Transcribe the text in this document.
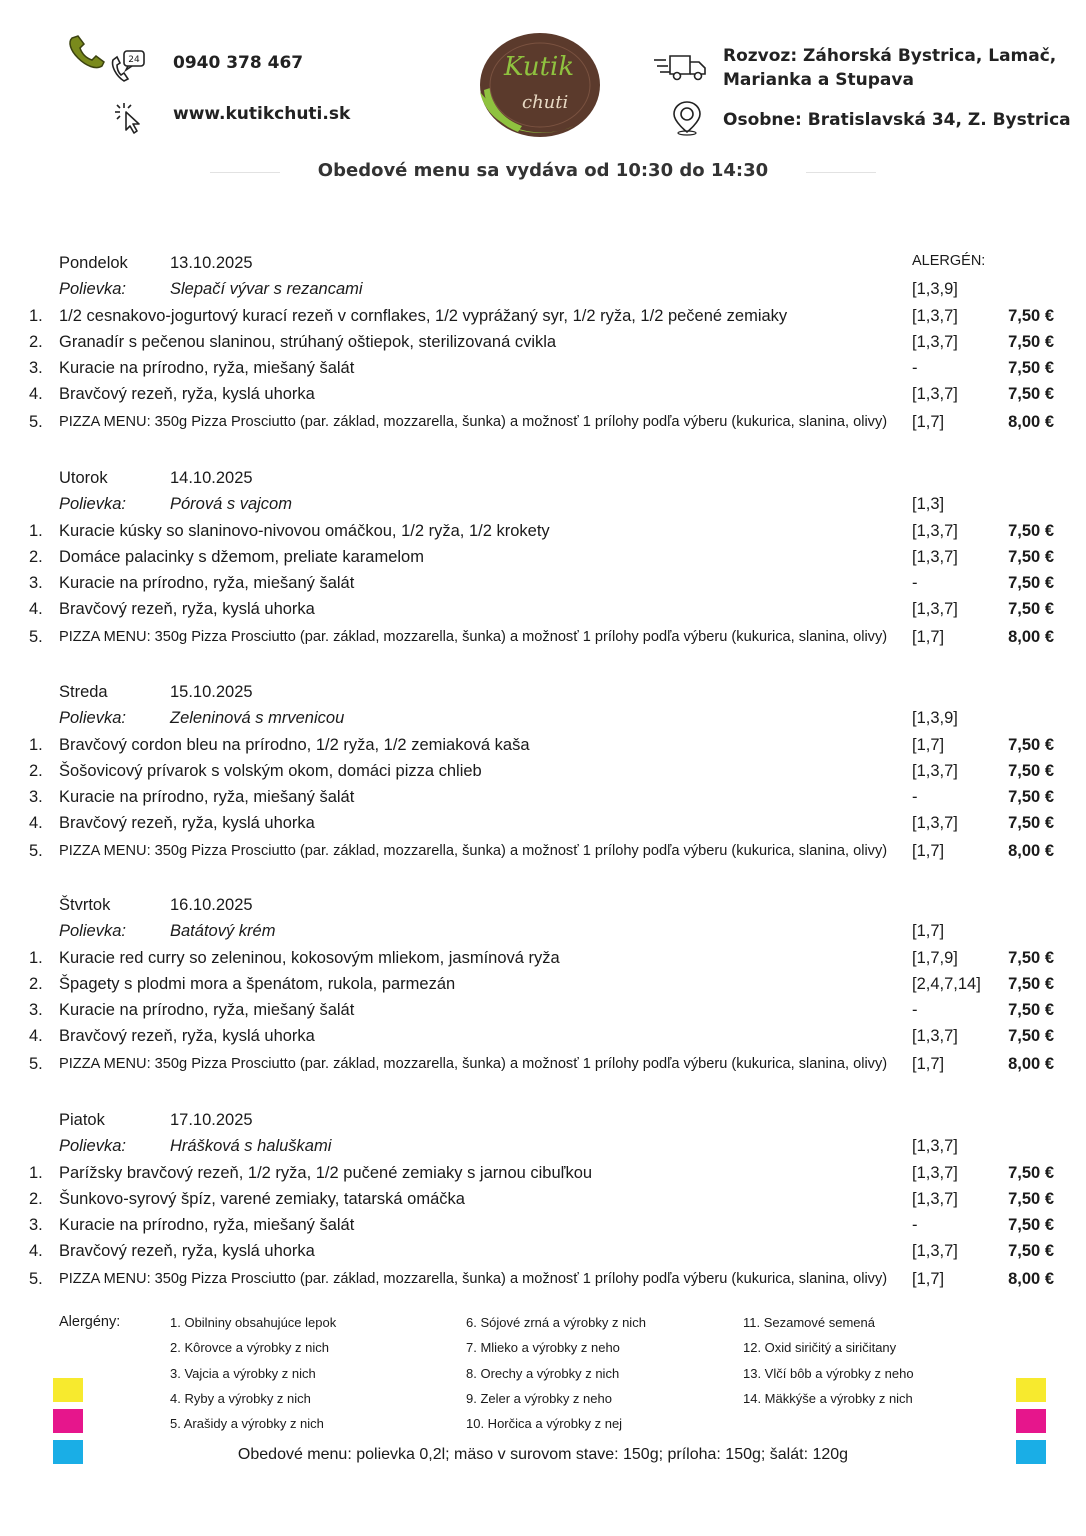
24 0940 378 467
www.kutikchuti.sk
Kutik
chuti
Rozvoz: Záhorská Bystrica, Lamač,
Marianka a Stupava
Osobne: Bratislavská 34, Z. Bystrica
Obedové menu sa vydáva od 10:30 do 14:30
ALERGÉN:
Pondelok	13.10.2025
Polievka:	Slepačí vývar s rezancami	[1,3,9]
1. 1/2 cesnakovo-jogurtový kurací rezeň v cornflakes, 1/2 vyprážaný syr, 1/2 ryža, 1/2 pečené zemiaky	[1,3,7]	7,50 €
2. Granadír s pečenou slaninou, strúhaný oštiepok, sterilizovaná cvikla	[1,3,7]	7,50 €
3. Kuracie na prírodno, ryža, miešaný šalát	-	7,50 €
4. Bravčový rezeň, ryža, kyslá uhorka	[1,3,7]	7,50 €
5. PIZZA MENU: 350g Pizza Prosciutto (par. základ, mozzarella, šunka) a možnosť 1 prílohy podľa výberu (kukurica, slanina, olivy) [1,7]	8,00 €
Utorok	14.10.2025
Polievka:	Pórová s vajcom	[1,3]
1. Kuracie kúsky so slaninovo-nivovou omáčkou, 1/2 ryža, 1/2 krokety	[1,3,7]	7,50 €
2. Domáce palacinky s džemom, preliate karamelom	[1,3,7]	7,50 €
3. Kuracie na prírodno, ryža, miešaný šalát	-	7,50 €
4. Bravčový rezeň, ryža, kyslá uhorka	[1,3,7]	7,50 €
5. PIZZA MENU: 350g Pizza Prosciutto (par. základ, mozzarella, šunka) a možnosť 1 prílohy podľa výberu (kukurica, slanina, olivy) [1,7]	8,00 €
Streda	15.10.2025
Polievka:	Zeleninová s mrvenicou	[1,3,9]
1. Bravčový cordon bleu na prírodno, 1/2 ryža, 1/2 zemiaková kaša	[1,7]	7,50 €
2. Šošovicový prívarok s volským okom, domáci pizza chlieb	[1,3,7]	7,50 €
3. Kuracie na prírodno, ryža, miešaný šalát	-	7,50 €
4. Bravčový rezeň, ryža, kyslá uhorka	[1,3,7]	7,50 €
5. PIZZA MENU: 350g Pizza Prosciutto (par. základ, mozzarella, šunka) a možnosť 1 prílohy podľa výberu (kukurica, slanina, olivy) [1,7]	8,00 €
Štvrtok	16.10.2025
Polievka:	Batátový krém	[1,7]
1. Kuracie red curry so zeleninou, kokosovým mliekom, jasmínová ryža	[1,7,9]	7,50 €
2. Špagety s plodmi mora a špenátom, rukola, parmezán	[2,4,7,14]	7,50 €
3. Kuracie na prírodno, ryža, miešaný šalát	-	7,50 €
4. Bravčový rezeň, ryža, kyslá uhorka	[1,3,7]	7,50 €
5. PIZZA MENU: 350g Pizza Prosciutto (par. základ, mozzarella, šunka) a možnosť 1 prílohy podľa výberu (kukurica, slanina, olivy) [1,7]	8,00 €
Piatok	17.10.2025
Polievka:	Hrášková s haluškami	[1,3,7]
1. Parížsky bravčový rezeň, 1/2 ryža, 1/2 pučené zemiaky s jarnou cibuľkou	[1,3,7]	7,50 €
2. Šunkovo-syrový špíz, varené zemiaky, tatarská omáčka	[1,3,7]	7,50 €
3. Kuracie na prírodno, ryža, miešaný šalát	-	7,50 €
4. Bravčový rezeň, ryža, kyslá uhorka	[1,3,7]	7,50 €
5. PIZZA MENU: 350g Pizza Prosciutto (par. základ, mozzarella, šunka) a možnosť 1 prílohy podľa výberu (kukurica, slanina, olivy) [1,7]	8,00 €
Alergény:	1. Obilniny obsahujúce lepok
2. Kôrovce a výrobky z nich
3. Vajcia a výrobky z nich
4. Ryby a výrobky z nich
5. Arašidy a výrobky z nich
6. Sójové zrná a výrobky z nich
7. Mlieko a výrobky z neho
8. Orechy a výrobky z nich
9. Zeler a výrobky z neho
10. Horčica a výrobky z nej
11. Sezamové semená
12. Oxid siričitý a siričitany
13. Vlčí bôb a výrobky z neho
14. Mäkkýše a výrobky z nich
Obedové menu: polievka 0,2l; mäso v surovom stave: 150g; príloha: 150g; šalát: 120g
